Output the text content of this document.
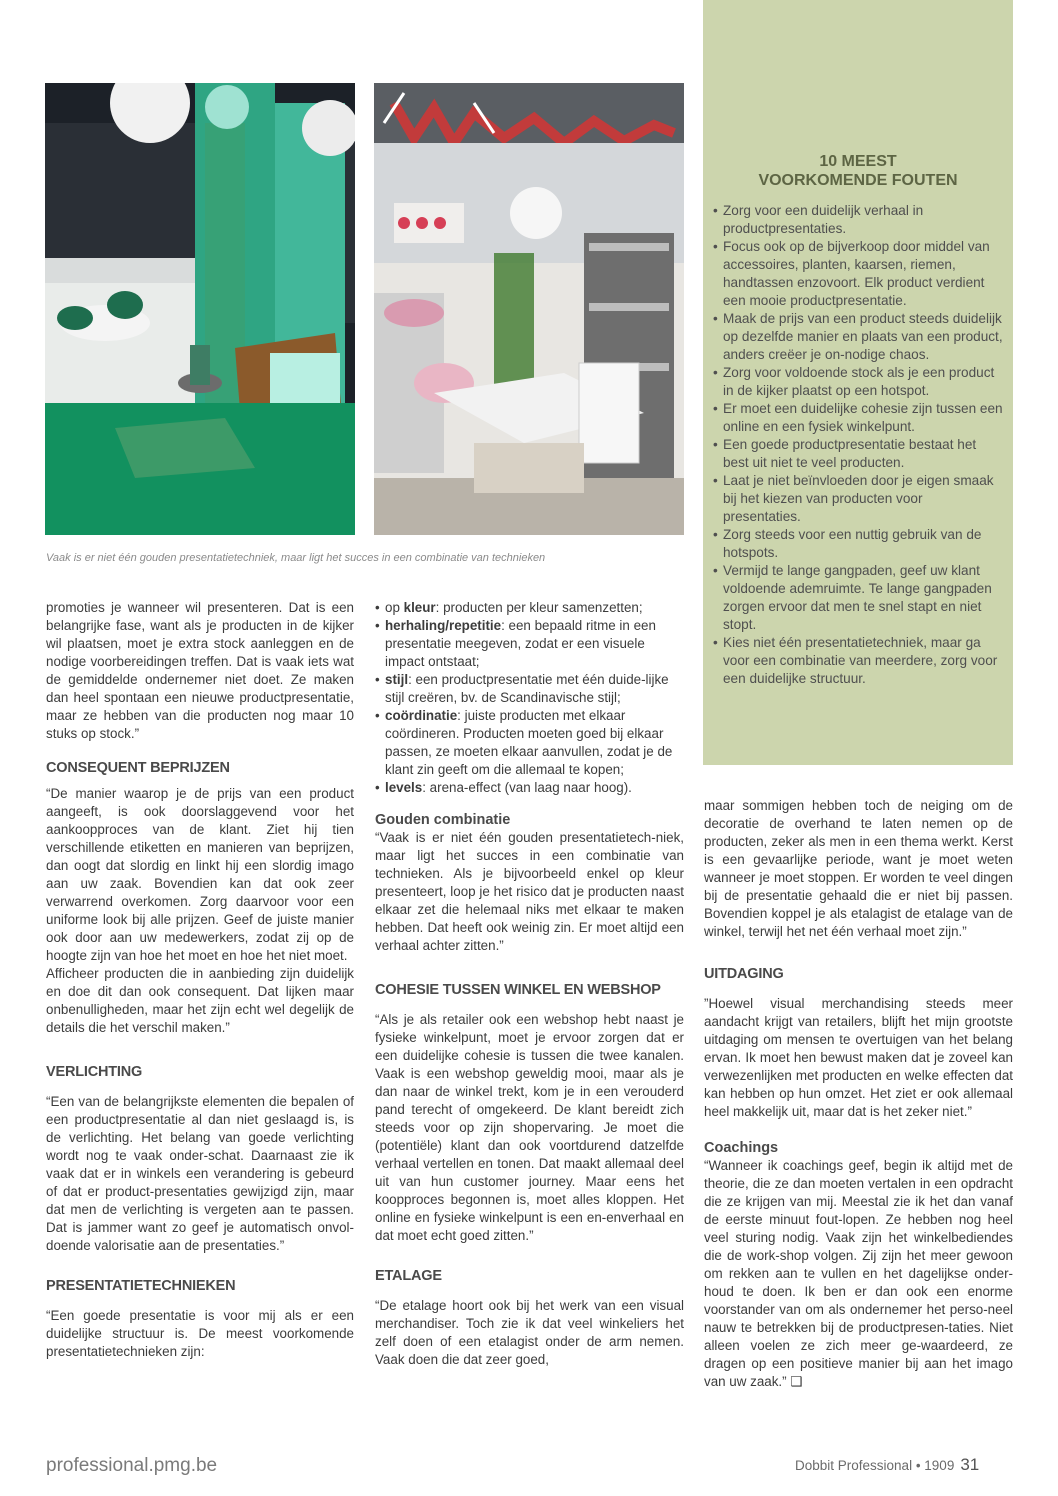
Vaak is er niet één gouden presentatietechniek, maar ligt het succes in een combinatie van technieken
10 MEEST
VOORKOMENDE FOUTEN
• Zorg voor een duidelijk verhaal in productpresentaties.
• Focus ook op de bijverkoop door middel van accessoires, planten, kaarsen, riemen, handtassen enzovoort. Elk product verdient een mooie productpresentatie.
• Maak de prijs van een product steeds duidelijk op dezelfde manier en plaats van een product, anders creëer je on-nodige chaos.
• Zorg voor voldoende stock als je een product in de kijker plaatst op een hotspot.
• Er moet een duidelijke cohesie zijn tussen een online en een fysiek winkelpunt.
• Een goede productpresentatie bestaat het best uit niet te veel producten.
• Laat je niet beïnvloeden door je eigen smaak bij het kiezen van producten voor presentaties.
• Zorg steeds voor een nuttig gebruik van de hotspots.
• Vermijd te lange gangpaden, geef uw klant voldoende ademruimte. Te lange gangpaden zorgen ervoor dat men te snel stapt en niet stopt.
• Kies niet één presentatietechniek, maar ga voor een combinatie van meerdere, zorg voor een duidelijke structuur.

promoties je wanneer wil presenteren. Dat is een belangrijke fase, want als je producten in de kijker wil plaatsen, moet je extra stock aanleggen en de nodige voorbereidingen treffen. Dat is vaak iets wat de gemiddelde ondernemer niet doet. Ze maken dan heel spontaan een nieuwe productpresentatie, maar ze hebben van die producten nog maar 10 stuks op stock.”

CONSEQUENT BEPRIJZEN

“De manier waarop je de prijs van een product aangeeft, is ook doorslaggevend voor het aankoopproces van de klant. Ziet hij tien verschillende etiketten en manieren van beprijzen, dan oogt dat slordig en linkt hij een slordig imago aan uw zaak. Bovendien kan dat ook zeer verwarrend overkomen. Zorg daarvoor voor een uniforme look bij alle prijzen. Geef de juiste manier ook door aan uw medewerkers, zodat zij op de hoogte zijn van hoe het moet en hoe het niet moet.

Afficheer producten die in aanbieding zijn duidelijk en doe dit dan ook consequent. Dat lijken maar onbenulligheden, maar het zijn echt wel degelijk de details die het verschil maken.”

VERLICHTING

“Een van de belangrijkste elementen die bepalen of een productpresentatie al dan niet geslaagd is, is de verlichting. Het belang van goede verlichting wordt nog te vaak onder-schat. Daarnaast zie ik vaak dat er in winkels een verandering is gebeurd of dat er product-presentaties gewijzigd zijn, maar dat men de verlichting is vergeten aan te passen. Dat is jammer want zo geef je automatisch onvol-doende valorisatie aan de presentaties.”

PRESENTATIETECHNIEKEN

“Een goede presentatie is voor mij als er een duidelijke structuur is. De meest voorkomende presentatietechnieken zijn:

• op kleur: producten per kleur samenzetten;
• herhaling/repetitie: een bepaald ritme in een presentatie meegeven, zodat er een visuele impact ontstaat;
• stijl: een productpresentatie met één duide-lijke stijl creëren, bv. de Scandinavische stijl;
• coördinatie: juiste producten met elkaar coördineren. Producten moeten goed bij elkaar passen, ze moeten elkaar aanvullen, zodat je de klant zin geeft om die allemaal te kopen;
• levels: arena-effect (van laag naar hoog).
Gouden combinatie

“Vaak is er niet één gouden presentatietech-niek, maar ligt het succes in een combinatie van technieken. Als je bijvoorbeeld enkel op kleur presenteert, loop je het risico dat je producten naast elkaar zet die helemaal niks met elkaar te maken hebben. Dat heeft ook weinig zin. Er moet altijd een verhaal achter zitten.”

COHESIE TUSSEN WINKEL EN WEBSHOP

“Als je als retailer ook een webshop hebt naast je fysieke winkelpunt, moet je ervoor zorgen dat er een duidelijke cohesie is tussen die twee kanalen. Vaak is een webshop geweldig mooi, maar als je dan naar de winkel trekt, kom je in een verouderd pand terecht of omgekeerd. De klant bereidt zich steeds voor op zijn shopervaring. Je moet die (potentiële) klant dan ook voortdurend datzelfde verhaal vertellen en tonen. Dat maakt allemaal deel uit van hun customer journey. Maar eens het koopproces begonnen is, moet alles kloppen. Het online en fysieke winkelpunt is een en-enverhaal en dat moet echt goed zitten.”

ETALAGE

“De etalage hoort ook bij het werk van een visual merchandiser. Toch zie ik dat veel winkeliers het zelf doen of een etalagist onder de arm nemen. Vaak doen die dat zeer goed,

maar sommigen hebben toch de neiging om de decoratie de overhand te laten nemen op de producten, zeker als men in een thema werkt. Kerst is een gevaarlijke periode, want je moet weten wanneer je moet stoppen. Er worden te veel dingen bij de presentatie gehaald die er niet bij passen. Bovendien koppel je als etalagist de etalage van de winkel, terwijl het net één verhaal moet zijn.”

UITDAGING

”Hoewel visual merchandising steeds meer aandacht krijgt van retailers, blijft het mijn grootste uitdaging om mensen te overtuigen van het belang ervan. Ik moet hen bewust maken dat je zoveel kan verwezenlijken met producten en welke effecten dat kan hebben op hun omzet. Het ziet er ook allemaal heel makkelijk uit, maar dat is het zeker niet.”

Coachings

“Wanneer ik coachings geef, begin ik altijd met de theorie, die ze dan moeten vertalen in een opdracht die ze krijgen van mij. Meestal zie ik het dan vanaf de eerste minuut fout-lopen. Ze hebben nog heel veel sturing nodig. Vaak zijn het winkelbediendes die de work-shop volgen. Zij zijn het meer gewoon om rekken aan te vullen en het dagelijkse onder-houd te doen. Ik ben er dan ook een enorme voorstander van om als ondernemer het perso-neel nauw te betrekken bij de productpresen-taties. Niet alleen voelen ze zich meer ge-waardeerd, ze dragen op een positieve manier bij aan het imago van uw zaak.” ❑

professional.pmg.be	Dobbit Professional • 1909 31
